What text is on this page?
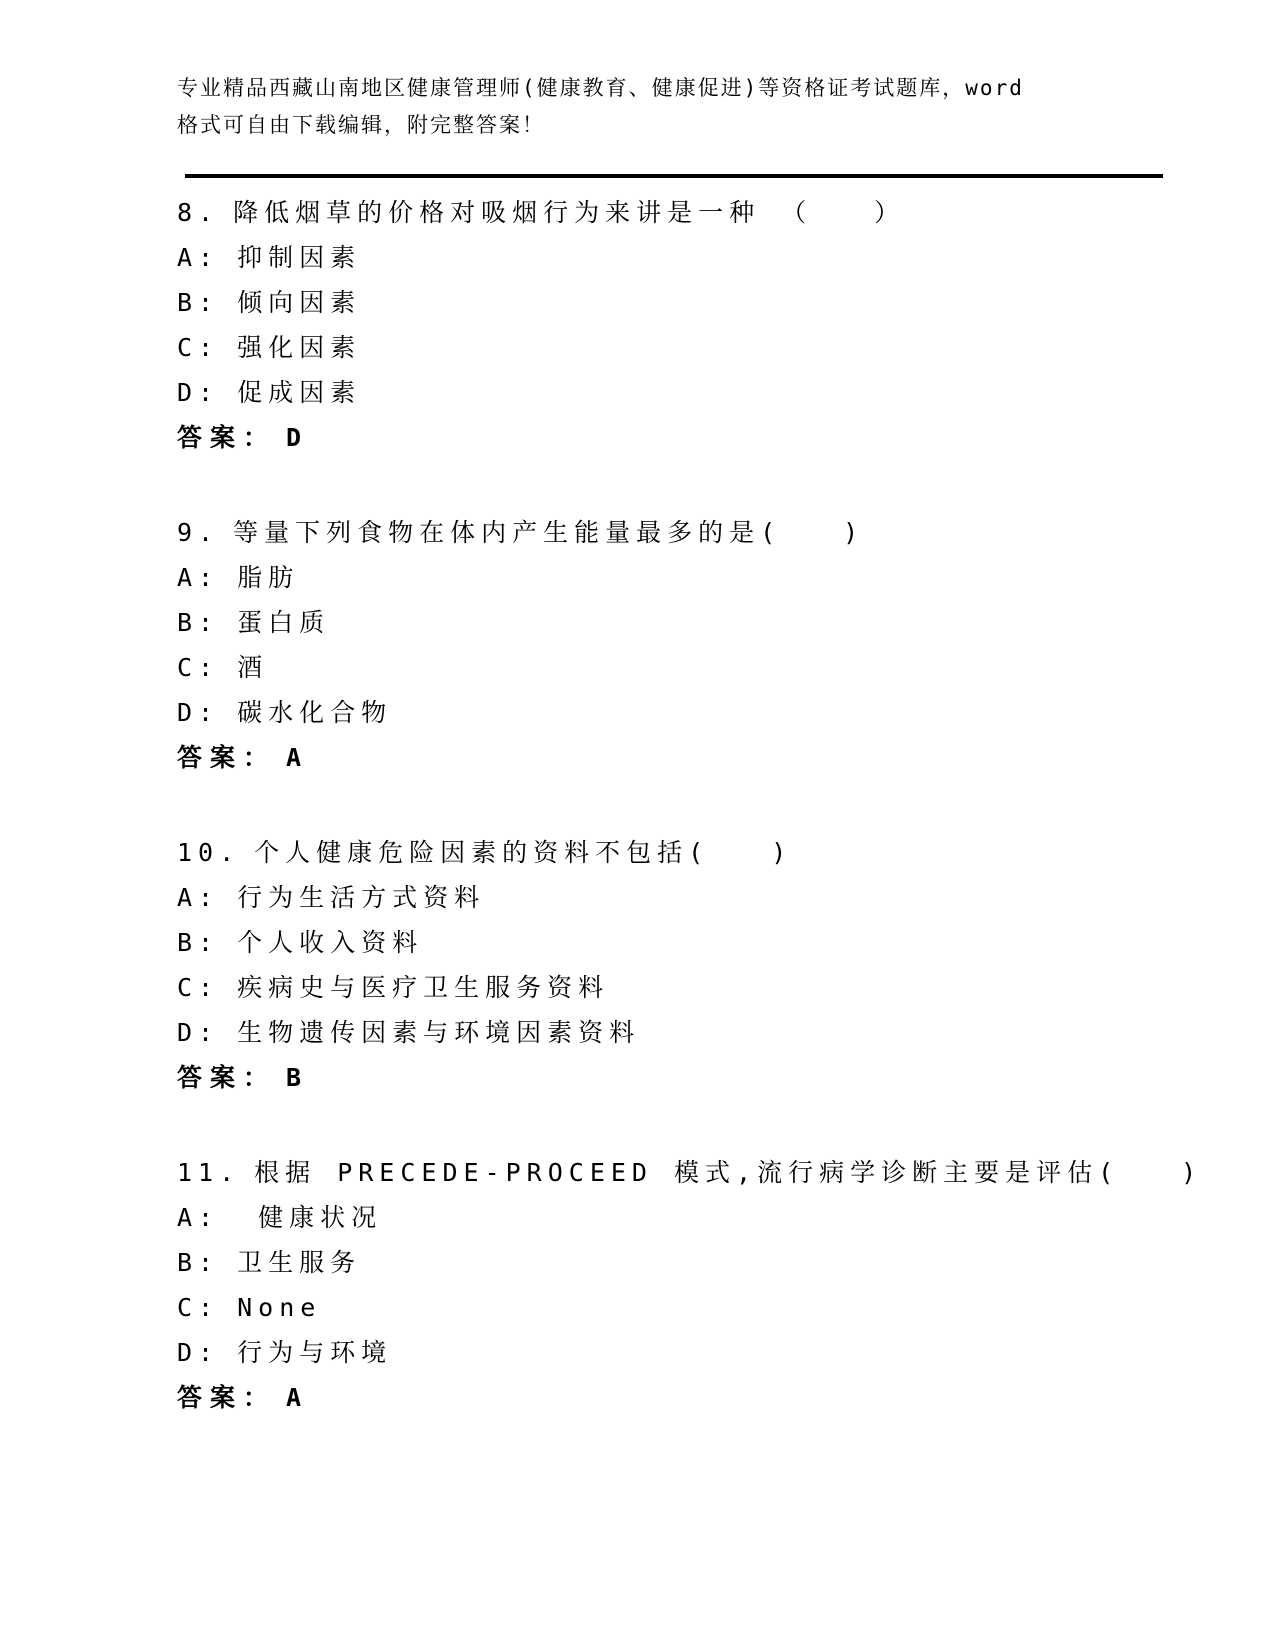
专业精品西藏山南地区健康管理师(健康教育、健康促进)等资格证考试题库，word
格式可自由下载编辑，附完整答案！
8. 降低烟草的价格对吸烟行为来讲是一种 （　　）
A: 抑制因素
B: 倾向因素
C: 强化因素
D: 促成因素
答案： D
9. 等量下列食物在体内产生能量最多的是(　　)
A: 脂肪
B: 蛋白质
C: 酒
D: 碳水化合物
答案： A
10. 个人健康危险因素的资料不包括(　　)
A: 行为生活方式资料
B: 个人收入资料
C: 疾病史与医疗卫生服务资料
D: 生物遗传因素与环境因素资料
答案： B
11. 根据 PRECEDE-PROCEED 模式,流行病学诊断主要是评估(　　)
A: 健康状况
B: 卫生服务
C: None
D: 行为与环境
答案： A
